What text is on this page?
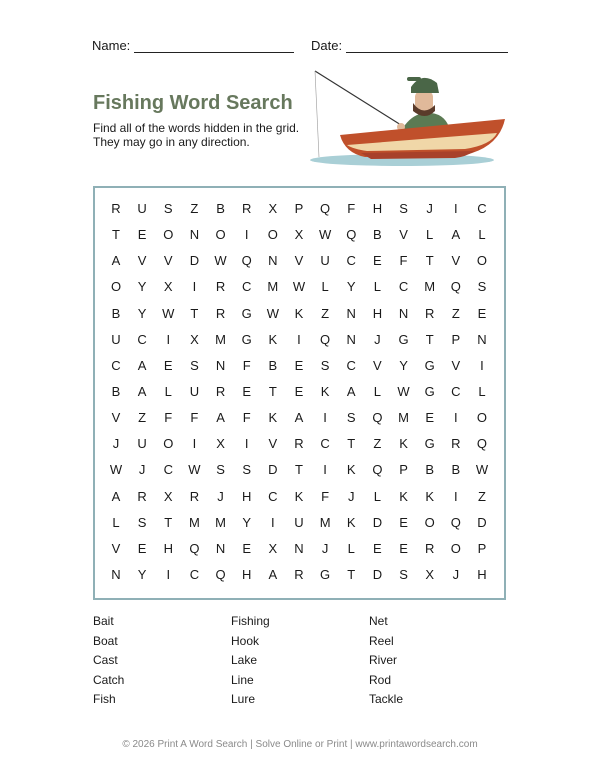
Name:	Date:
Fishing Word Search
Find all of the words hidden in the grid.
They may go in any direction.
R	U	S	Z	B	R	X	P	Q	F	H	S	J	I	C
T	E	O	N	O	I	O	X	W	Q	B	V	L	A	L
A	V	V	D	W	Q	N	V	U	C	E	F	T	V	O
O	Y	X	I	R	C	M	W	L	Y	L	C	M	Q	S
B	Y	W	T	R	G	W	K	Z	N	H	N	R	Z	E
U	C	I	X	M	G	K	I	Q	N	J	G	T	P	N
C	A	E	S	N	F	B	E	S	C	V	Y	G	V	I
B	A	L	U	R	E	T	E	K	A	L	W	G	C	L
V	Z	F	F	A	F	K	A	I	S	Q	M	E	I	O
J	U	O	I	X	I	V	R	C	T	Z	K	G	R	Q
W	J	C	W	S	S	D	T	I	K	Q	P	B	B	W
A	R	X	R	J	H	C	K	F	J	L	K	K	I	Z
L	S	T	M	M	Y	I	U	M	K	D	E	O	Q	D
V	E	H	Q	N	E	X	N	J	L	E	E	R	O	P
N	Y	I	C	Q	H	A	R	G	T	D	S	X	J	H
Bait
Boat
Cast
Catch
Fish
Fishing
Hook
Lake
Line
Lure
Net
Reel
River
Rod
Tackle
© 2026 Print A Word Search | Solve Online or Print | www.printawordsearch.com
